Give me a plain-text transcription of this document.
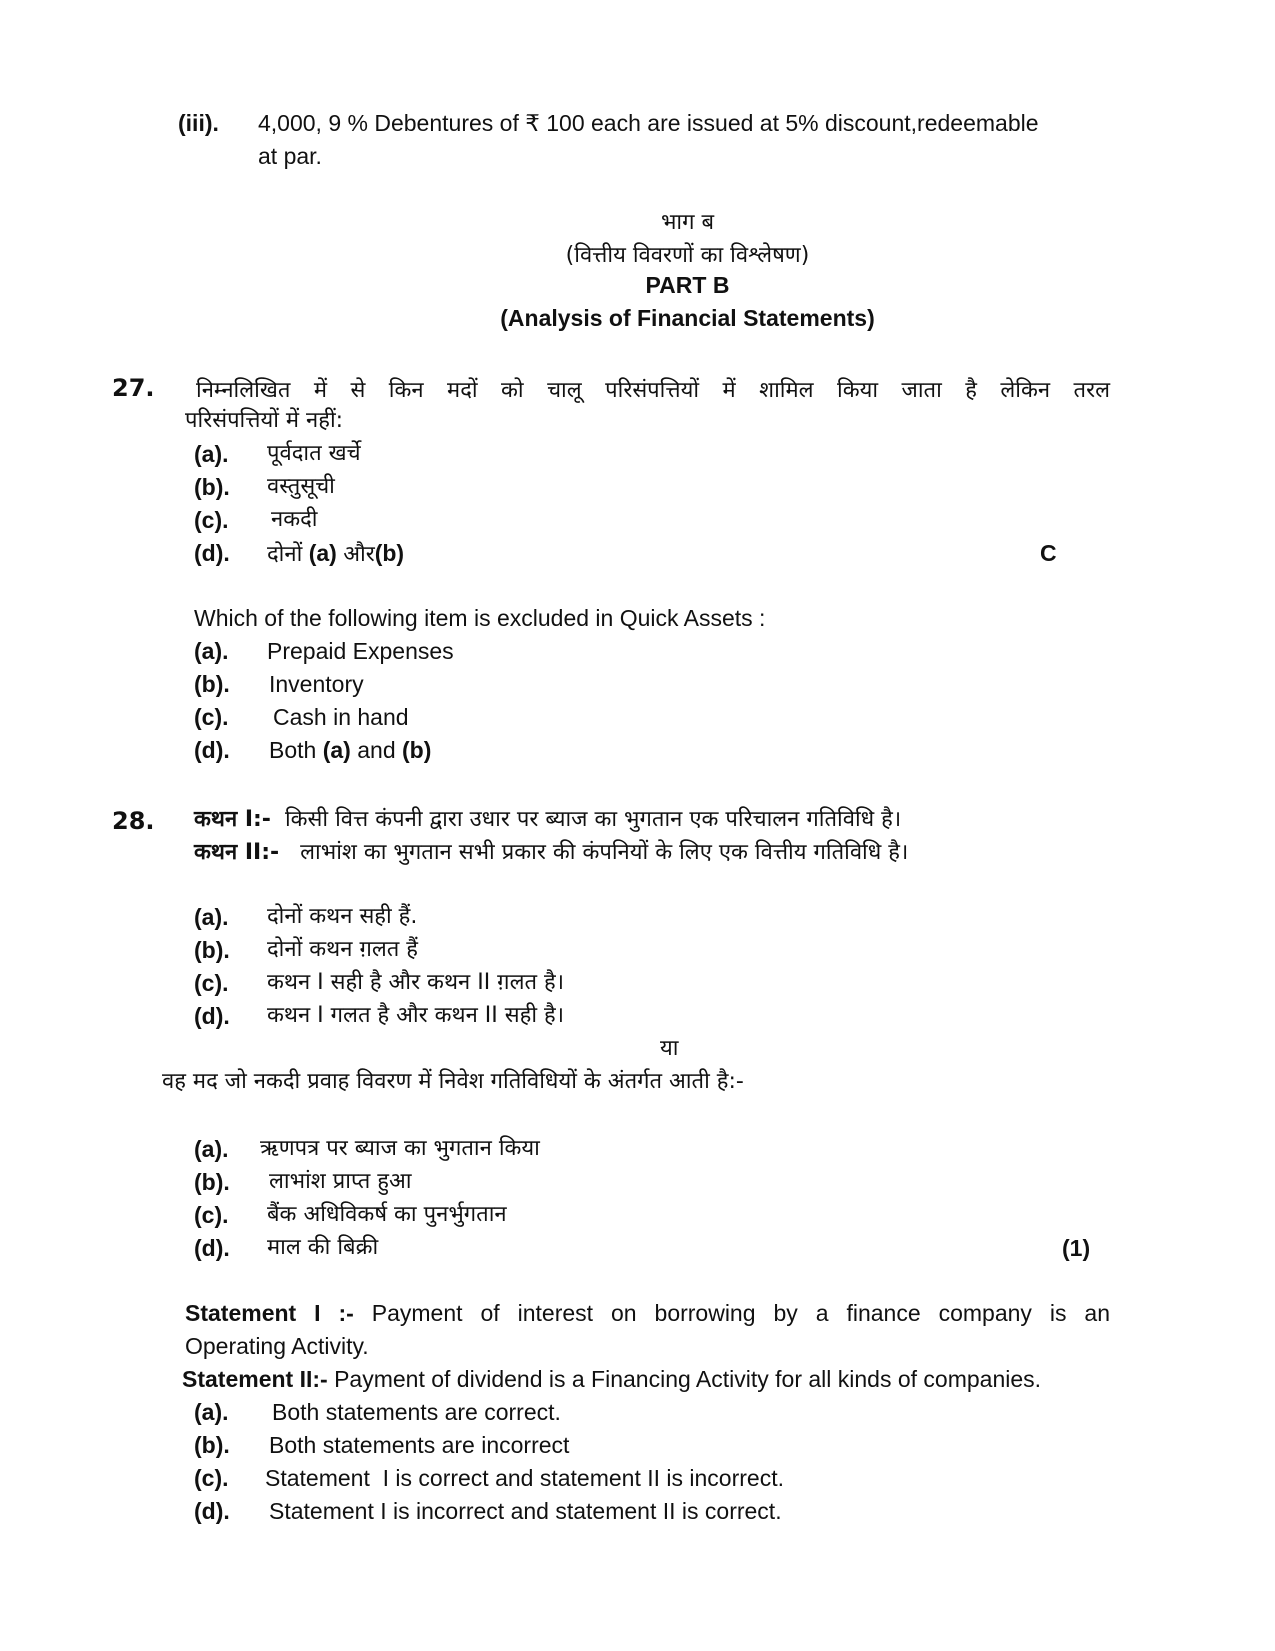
(iii). 4,000, 9 % Debentures of ₹ 100 each are issued at 5% discount,redeemable
at par.
भाग ब
(वित्तीय विवरणों का विश्लेषण)
PART B
(Analysis of Financial Statements)
27. निम्नलिखित में से किन मदों को चालू परिसंपत्तियों में शामिल किया जाता है लेकिन तरल
परिसंपत्तियों में नहीं:
(a). पूर्वदात खर्चे
(b). वस्तुसूची
(c). नकदी
(d). दोनों (a) और(b)	C
Which of the following item is excluded in Quick Assets :
(a). Prepaid Expenses
(b). Inventory
(c). Cash in hand
(d). Both (a) and (b)
28. कथन I:- किसी वित्त कंपनी द्वारा उधार पर ब्याज का भुगतान एक परिचालन गतिविधि है।
कथन II:- लाभांश का भुगतान सभी प्रकार की कंपनियों के लिए एक वित्तीय गतिविधि है।
(a). दोनों कथन सही हैं.
(b). दोनों कथन ग़लत हैं
(c). कथन I सही है और कथन II ग़लत है।
(d). कथन I गलत है और कथन II सही है।
या
वह मद जो नकदी प्रवाह विवरण में निवेश गतिविधियों के अंतर्गत आती है:-
(a). ऋणपत्र पर ब्याज का भुगतान किया
(b). लाभांश प्राप्त हुआ
(c). बैंक अधिविकर्ष का पुनर्भुगतान
(d). माल की बिक्री	(1)
Statement I :- Payment of interest on borrowing by a finance company is an
Operating Activity.
Statement II:- Payment of dividend is a Financing Activity for all kinds of companies.
(a). Both statements are correct.
(b). Both statements are incorrect
(c). Statement  I is correct and statement II is incorrect.
(d). Statement I is incorrect and statement II is correct.
